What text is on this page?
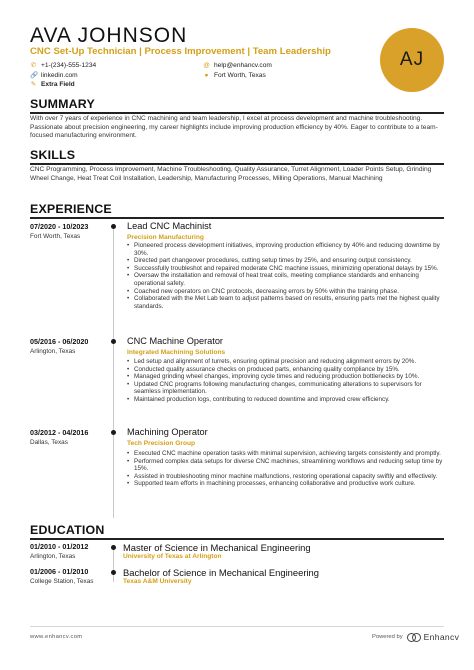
AVA JOHNSON
CNC Set-Up Technician | Process Improvement | Team Leadership
✆ +1-(234)-555-1234	@ help@enhancv.com
🔗 linkedin.com	● Fort Worth, Texas
✎ Extra Field
AJ
SUMMARY
With over 7 years of experience in CNC machining and team leadership, I excel at process development and machine troubleshooting. Passionate about precision engineering, my career highlights include improving production efficiency by 40%. Eager to contribute to a team-focused manufacturing environment.
SKILLS
CNC Programming, Process Improvement, Machine Troubleshooting, Quality Assurance, Turret Alignment, Loader Points Setup, Grinding Wheel Change, Heat Treat Coil Installation, Leadership, Manufacturing Processes, Milling Operations, Manual Machining
EXPERIENCE
07/2020 - 10/2023
Fort Worth, Texas
Lead CNC Machinist
Precision Manufacturing
• Pioneered process development initiatives, improving production efficiency by 40% and reducing downtime by 30%.
• Directed part changeover procedures, cutting setup times by 25%, and ensuring output consistency.
• Successfully troubleshot and repaired moderate CNC machine issues, minimizing operational delays by 15%.
• Oversaw the installation and removal of heat treat coils, meeting compliance standards and enhancing operational safety.
• Coached new operators on CNC protocols, decreasing errors by 50% within the training phase.
• Collaborated with the Met Lab team to adjust patterns based on results, ensuring parts met the highest quality standards.
05/2016 - 06/2020
Arlington, Texas
CNC Machine Operator
Integrated Machining Solutions
• Led setup and alignment of turrets, ensuring optimal precision and reducing alignment errors by 20%.
• Conducted quality assurance checks on produced parts, enhancing quality compliance by 15%.
• Managed grinding wheel changes, improving cycle times and reducing production bottlenecks by 10%.
• Updated CNC programs following manufacturing changes, communicating alterations to supervisors for seamless implementation.
• Maintained production logs, contributing to reduced downtime and improved crew efficiency.
03/2012 - 04/2016
Dallas, Texas
Machining Operator
Tech Precision Group
• Executed CNC machine operation tasks with minimal supervision, achieving targets consistently and promptly.
• Performed complex data setups for diverse CNC machines, streamlining workflows and reducing setup time by 15%.
• Assisted in troubleshooting minor machine malfunctions, restoring operational capacity swiftly and effectively.
• Supported team efforts in machining processes, enhancing collaborative and productive work culture.
EDUCATION
01/2010 - 01/2012
Arlington, Texas
Master of Science in Mechanical Engineering
University of Texas at Arlington
01/2006 - 01/2010
College Station, Texas
Bachelor of Science in Mechanical Engineering
Texas A&M University
www.enhancv.com	Powered by Enhancv
